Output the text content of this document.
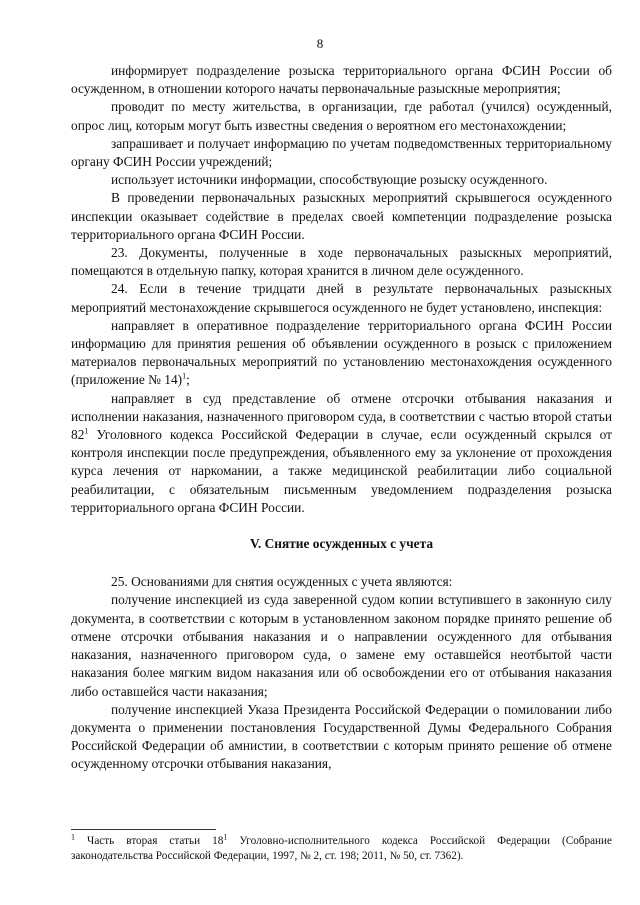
8

информирует подразделение розыска территориального органа ФСИН России об осужденном, в отношении которого начаты первоначальные разыскные мероприятия;

проводит по месту жительства, в организации, где работал (учился) осужденный, опрос лиц, которым могут быть известны сведения о вероятном его местонахождении;

запрашивает и получает информацию по учетам подведомственных территориальному органу ФСИН России учреждений;

использует источники информации, способствующие розыску осужденного.

В проведении первоначальных разыскных мероприятий скрывшегося осужденного инспекции оказывает содействие в пределах своей компетенции подразделение розыска территориального органа ФСИН России.

23. Документы, полученные в ходе первоначальных разыскных мероприятий, помещаются в отдельную папку, которая хранится в личном деле осужденного.

24. Если в течение тридцати дней в результате первоначальных разыскных мероприятий местонахождение скрывшегося осужденного не будет установлено, инспекция:

направляет в оперативное подразделение территориального органа ФСИН России информацию для принятия решения об объявлении осужденного в розыск с приложением материалов первоначальных мероприятий по установлению местонахождения осужденного (приложение № 14)$^1$;

направляет в суд представление об отмене отсрочки отбывания наказания и исполнении наказания, назначенного приговором суда, в соответствии с частью второй статьи $82^1$ Уголовного кодекса Российской Федерации в случае, если осужденный скрылся от контроля инспекции после предупреждения, объявленного ему за уклонение от прохождения курса лечения от наркомании, а также медицинской реабилитации либо социальной реабилитации, с обязательным письменным уведомлением подразделения розыска территориального органа ФСИН России.

V. Снятие осужденных с учета

25. Основаниями для снятия осужденных с учета являются:

получение инспекцией из суда заверенной судом копии вступившего в законную силу документа, в соответствии с которым в установленном законом порядке принято решение об отмене отсрочки отбывания наказания и о направлении осужденного для отбывания наказания, назначенного приговором суда, о замене ему оставшейся неотбытой части наказания более мягким видом наказания или об освобождении его от отбывания наказания либо оставшейся части наказания;

получение инспекцией Указа Президента Российской Федерации о помиловании либо документа о применении постановления Государственной Думы Федерального Собрания Российской Федерации об амнистии, в соответствии с которым принято решение об отмене осужденному отсрочки отбывания наказания,

$^1$ Часть вторая статьи $18^1$ Уголовно-исполнительного кодекса Российской Федерации (Собрание законодательства Российской Федерации, 1997, № 2, ст. 198; 2011, № 50, ст. 7362).
